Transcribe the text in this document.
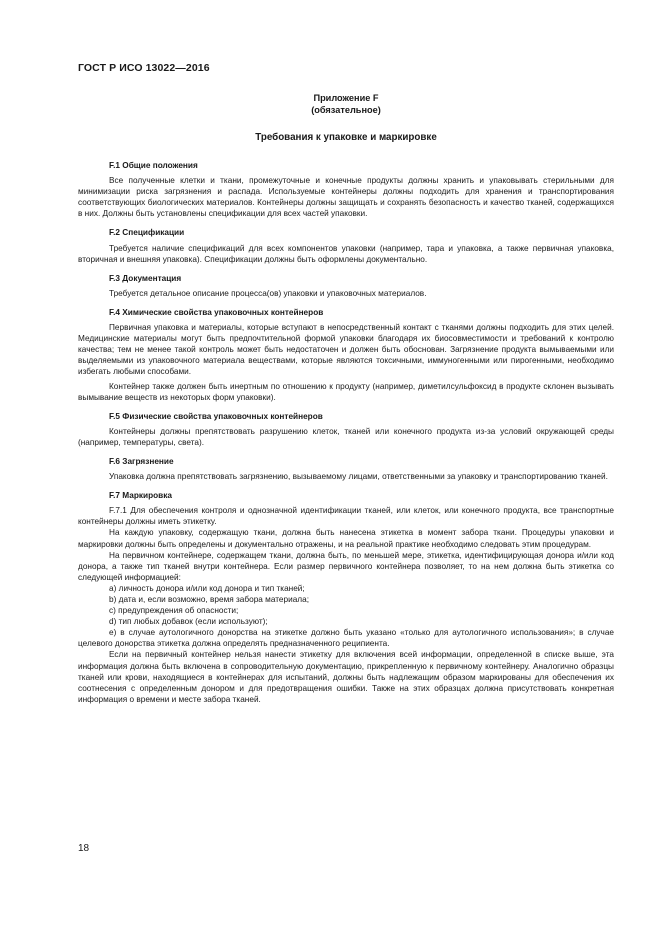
ГОСТ Р ИСО 13022—2016
Приложение F
(обязательное)
Требования к упаковке и маркировке
F.1 Общие положения

Все полученные клетки и ткани, промежуточные и конечные продукты должны хранить и упаковывать стерильными для минимизации риска загрязнения и распада. Используемые контейнеры должны подходить для хранения и транспортирования соответствующих биологических материалов. Контейнеры должны защищать и сохранять безопасность и качество тканей, содержащихся в них. Должны быть установлены спецификации для всех частей упаковки.

F.2 Спецификации

Требуется наличие спецификаций для всех компонентов упаковки (например, тара и упаковка, а также первичная упаковка, вторичная и внешняя упаковка). Спецификации должны быть оформлены документально.

F.3 Документация

Требуется детальное описание процесса(ов) упаковки и упаковочных материалов.

F.4 Химические свойства упаковочных контейнеров

Первичная упаковка и материалы, которые вступают в непосредственный контакт с тканями должны подходить для этих целей. Медицинские материалы могут быть предпочтительной формой упаковки благодаря их биосовместимости и требований к контролю качества; тем не менее такой контроль может быть недостаточен и должен быть обоснован. Загрязнение продукта вымываемыми или выделяемыми из упаковочного материала веществами, которые являются токсичными, иммуногенными или пирогенными, необходимо избегать любыми способами.

Контейнер также должен быть инертным по отношению к продукту (например, диметилсульфоксид в продукте склонен вызывать вымывание веществ из некоторых форм упаковки).

F.5 Физические свойства упаковочных контейнеров

Контейнеры должны препятствовать разрушению клеток, тканей или конечного продукта из-за условий окружающей среды (например, температуры, света).

F.6 Загрязнение

Упаковка должна препятствовать загрязнению, вызываемому лицами, ответственными за упаковку и транспортированию тканей.

F.7 Маркировка

F.7.1 Для обеспечения контроля и однозначной идентификации тканей, или клеток, или конечного продукта, все транспортные контейнеры должны иметь этикетку.

На каждую упаковку, содержащую ткани, должна быть нанесена этикетка в момент забора ткани. Процедуры упаковки и маркировки должны быть определены и документально отражены, и на реальной практике необходимо следовать этим процедурам.

На первичном контейнере, содержащем ткани, должна быть, по меньшей мере, этикетка, идентифицирующая донора и/или код донора, а также тип тканей внутри контейнера. Если размер первичного контейнера позволяет, то на нем должна быть этикетка со следующей информацией:

a) личность донора и/или код донора и тип тканей;

b) дата и, если возможно, время забора материала;

c) предупреждения об опасности;

d) тип любых добавок (если используют);

e) в случае аутологичного донорства на этикетке должно быть указано «только для аутологичного использования»; в случае целевого донорства этикетка должна определять предназначенного реципиента.

Если на первичный контейнер нельзя нанести этикетку для включения всей информации, определенной в списке выше, эта информация должна быть включена в сопроводительную документацию, прикрепленную к первичному контейнеру. Аналогично образцы тканей или крови, находящиеся в контейнерах для испытаний, должны быть надлежащим образом маркированы для обеспечения их соотнесения с определенным донором и для предотвращения ошибки. Также на этих образцах должна присутствовать конкретная информация о времени и месте забора тканей.

18
